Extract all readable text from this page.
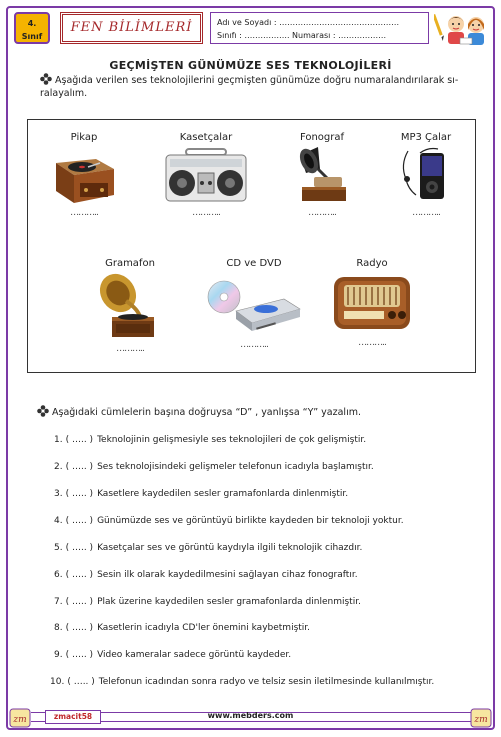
4.
Sınıf
FEN BİLİMLERİ	Adı ve Soyadı : ………………………………………
Sınıfı : …………….. Numarası : ………………
GEÇMİŞTEN GÜNÜMÜZE SES TEKNOLOJİLERİ
Aşağıda verilen ses teknolojilerini geçmişten günümüze doğru numaralandırılarak sı-
ralayalım.
Pikap
………..
Kasetçalar
………..
Fonograf
………..
MP3 Çalar
………..
Gramafon
………..
CD ve DVD
………..
Radyo
………..
Aşağıdaki cümlelerin başına doğruysa “D” , yanlışsa “Y” yazalım.
1. ( ….. ) Teknolojinin gelişmesiyle ses teknolojileri de çok gelişmiştir.
2. ( ….. ) Ses teknolojisindeki gelişmeler telefonun icadıyla başlamıştır.
3. ( ….. ) Kasetlere kaydedilen sesler gramafonlarda dinlenmiştir.
4. ( ….. ) Günümüzde ses ve görüntüyü birlikte kaydeden bir teknoloji yoktur.
5. ( ….. ) Kasetçalar ses ve görüntü kaydıyla ilgili teknolojik cihazdır.
6. ( ….. ) Sesin ilk olarak kaydedilmesini sağlayan cihaz fonograftır.
7. ( ….. ) Plak üzerine kaydedilen sesler gramafonlarda dinlenmiştir.
8. ( ….. ) Kasetlerin icadıyla CD'ler önemini kaybetmiştir.
9. ( ….. ) Video kameralar sadece görüntü kaydeder.
10. ( ….. ) Telefonun icadından sonra radyo ve telsiz sesin iletilmesinde kullanılmıştır.
zm	zm
zmacit58	www.mebders.com
